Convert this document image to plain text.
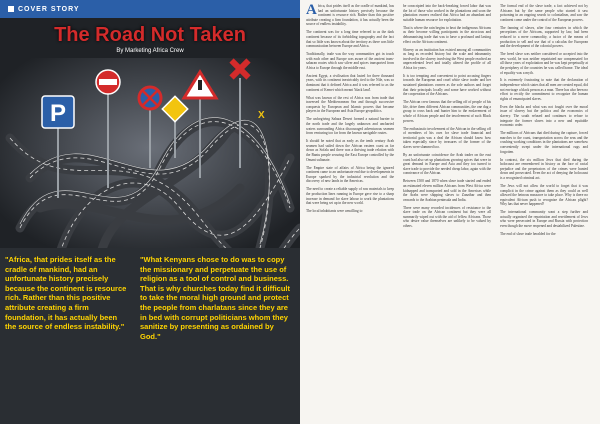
COVER STORY
The Road Not Taken
By Marketing Africa Crew
P	X
"Africa, that prides itself as the cradle of mankind, had an unfortunate history precisely because the continent is resource rich. Rather than this positive attribute creating a firm foundation, it has actually been the source of endless instability."
"What Kenyans chose to do was to copy the missionary and perpetuate the use of religion as a tool of control and business. That is why churches today find it difficult to take the moral high ground and protect the people from charlatans since they are in bed with corrupt politicians whom they sanitize by presenting as ordained by God."

Africa, that prides itself as the cradle of mankind, has had an unfortunate history precisely because the continent is resource rich. Rather than this positive attribute creating a firm foundation, it has actually been the source of endless instability.

The continent was for a long time referred to as the dark continent because of its forbidding topography and the fact that so little was known about the territory as there was little communication between Europe and Africa.

Traditionally, trade was the way communities got in touch with each other and Europe was aware of the ancient trans-saharan routes which saw silver and spices transported from Africa to Europe through the middle east.

Ancient Egypt, a civilisation that lasted for three thousand years, with its continent inextricably tied to the Nile, was so dominant that it defined Africa and it was referred to as the continent of Kemet which meant 'black land'.

What was known of the rest of Africa was from trade that traversed the Mediterranean Sea and through successive conquests by European and Islamic powers that became players in the European and Asia Europe geopolitics.

The unforgiving Sahara Desert formed a natural barrier to the north trade and the largely unknown and uncharted waters surrounding Africa discouraged adventurous seamen from venturing too far from the known navigable routes.

It should be noted that as early as the tenth century Arab seamen had sailed down the African eastern coast as far down as Sofala and there was a thriving trade relation with the Bantu people securing the East Europe controlled by the Omani sultanate.

The Empire state of affairs of Africa being the ignored continent came to an unfortunate end due to developments in Europe sparked by the industrial revolution and the discovery of new lands in the Americas.

The need to create a reliable supply of raw materials to keep the production lines running in Europe gave rise to a sharp increase in demand for slave labour to work the plantations that were being set up in the new world.

The local inhabitants were unwilling to

be conscripted into the back-breaking forced labor that was the lot of those who worked in the plantations and soon the plantation owners realised that Africa had an abundant and suitable human resource for exploitation.

That is where the rain begins to beat the indigenous Africans as their become willing participants in the atrocious and dehumanising trade that was to have a profound and lasting effect on the African continent.

Slavery as an institution has existed among all communities as long as recorded history but the scale and inhumanity involved in the slavery involving the West people reached an unprecedented level and totally altered the profile of all Africa for years.

It is too tempting and convenient to point accusing fingers towards the European and cruel white slave trader and her sustained plantations owners as the sole authors and forget that their principals locally and some have worked without the cooperation of the Africans.

The African crew famous that the selling off of people of his life, drive them different African communities, the one dug a group to cross back and hunter him to the enslavement of whole of African people and the involvement of such Black powers.

The enthusiastic involvement of the African in the selling off of members of his own for slave trade financial and territorial gain was a deal the African should know how taken especially since by treasures of the former of the slaves were slammed too.

By an unfortunate coincidence the Arab trader on the east coast had also set up plantations growing spices that were in great demand in Europe and Asia and they too turned to slave trade to provide the needed cheap labor, again with the connivance of the African.

Between 1500 and 1870 when slave trade started and ended an estimated eleven million Africans from West Africa were kidnapped and transported and sold in the Americas while the Arabs were shipping slaves to Zanzibar and then onwards to the Arabian peninsula and India.

There were many recorded incidences of resistance to the slave trade on the African continent but they were all summarily wiped out with the aid of fellow Africans. Those who desire value themselves are unlikely to be valued by others.

The formal end of the slave trade, a fact achieved not by Africans but by the same people who started it saw poisoning in an ongoing search to colonialism, and saw the continent come under the control of the European powers.

The fanning of slaves, after four centuries in which the perceptions of the Africans, supported by law, had been reduced to a mere commodity, a factor of the means of production to sell and use that of a calculus the European and the development of the colonial powers.

The freed slave was neither considered or accepted into the new world, he was neither repatriated nor compensated for all those years of exploitation and he was kept perpetually at the periphery of the countries he was called home. The ideal of equality was a myth.

It is extremely frustrating to note that the declaration of independence which states that all men are created equal, did not envisage a black person as a man. There has also been no effort to rectify the commitment to recognize the human rights of emancipated slaves.

Even the blacks and what was not fought over the moral issue of slavery but the politics and the economics of slavery. The south refused and continues to refuse to integrate the former slaves into a new and equitable economic order.

The millions of Africans that died during the capture, forced marches to the coast, transportation across the seas and the crushing working conditions in the plantations are somehow conveniently swept under the international rugs and forgotten.

In contrast, the six million Jews that died during the holocaust are remembered in history as the face of racial prejudice and the perpetrators of the crimes were hunted down and prosecuted. Even the act of denying the holocaust is a recognized criminal act.

The Jews will not allow the world to forget that it was complicit in the crime against them as they could as well allowed the heinous massacre to take place. Why is there no equivalent African push to recognize the African plight? Why has that never happened?

The international community want a step further and actually organized the repatriation and resettlement of Jews who were persecuted in Europe and Russia with protection even though the move reopened and destabilized Palestine.

The end of slave trade heralded for the
